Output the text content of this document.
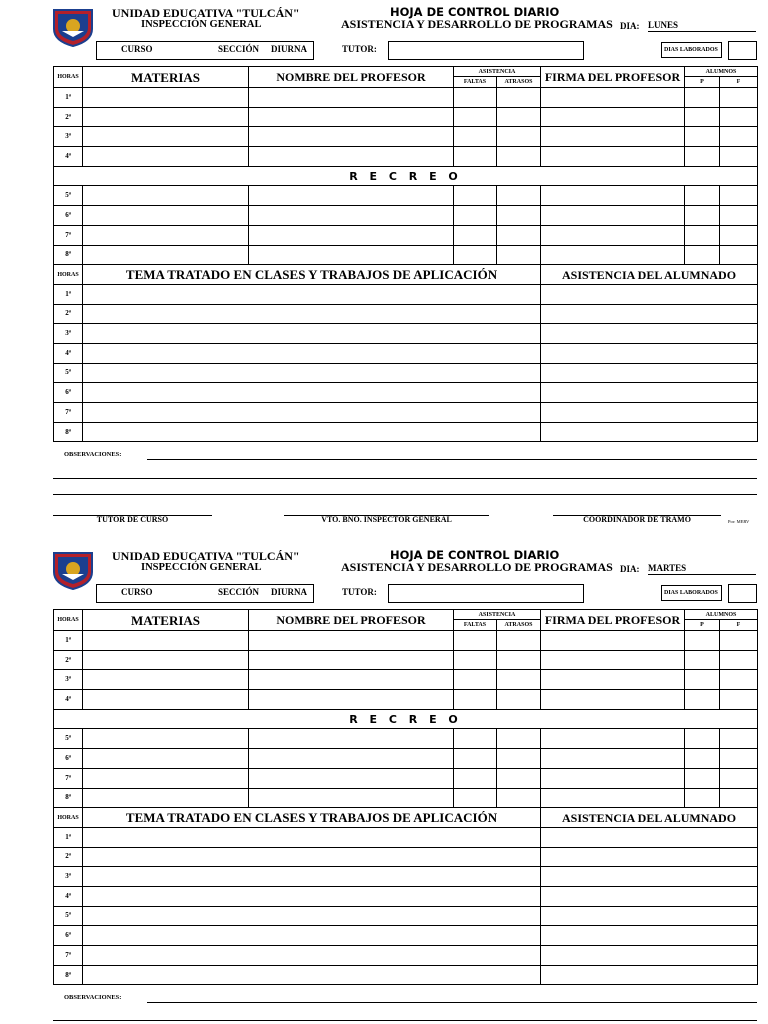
UNIDAD EDUCATIVA "TULCÁN"
INSPECCIÓN GENERAL
HOJA DE CONTROL DIARIO
ASISTENCIA Y DESARROLLO DE PROGRAMAS DIA: LUNES
CURSO	SECCIÓN DIURNA	TUTOR:	DIAS LABORADOS
HORAS	MATERIAS	NOMBRE DEL PROFESOR	ASISTENCIA		FIRMA DEL PROFESOR	ALUMNOS	
			FALTAS	ATRASOS		P	F
1ª							
2ª							
3ª							
4ª							
R E C R E O							
5ª							
6ª							
7ª							
8ª							
HORAS	TEMA TRATADO EN CLASES Y TRABAJOS DE APLICACIÓN				ASISTENCIA DEL ALUMNADO		
1ª							
2ª							
3ª							
4ª							
5ª							
6ª							
7ª							
8ª							
OBSERVACIONES:
TUTOR DE CURSO	VTO. BNO. INSPECTOR GENERAL	COORDINADOR DE TRAMO	Por: MERV
UNIDAD EDUCATIVA "TULCÁN"
INSPECCIÓN GENERAL
HOJA DE CONTROL DIARIO
ASISTENCIA Y DESARROLLO DE PROGRAMAS DIA: MARTES
CURSO	SECCIÓN DIURNA	TUTOR:	DIAS LABORADOS
HORAS	MATERIAS	NOMBRE DEL PROFESOR	ASISTENCIA		FIRMA DEL PROFESOR	ALUMNOS	
			FALTAS	ATRASOS		P	F
1ª							
2ª							
3ª							
4ª							
R E C R E O							
5ª							
6ª							
7ª							
8ª							
HORAS	TEMA TRATADO EN CLASES Y TRABAJOS DE APLICACIÓN				ASISTENCIA DEL ALUMNADO		
1ª							
2ª							
3ª							
4ª							
5ª							
6ª							
7ª							
8ª							
OBSERVACIONES:
